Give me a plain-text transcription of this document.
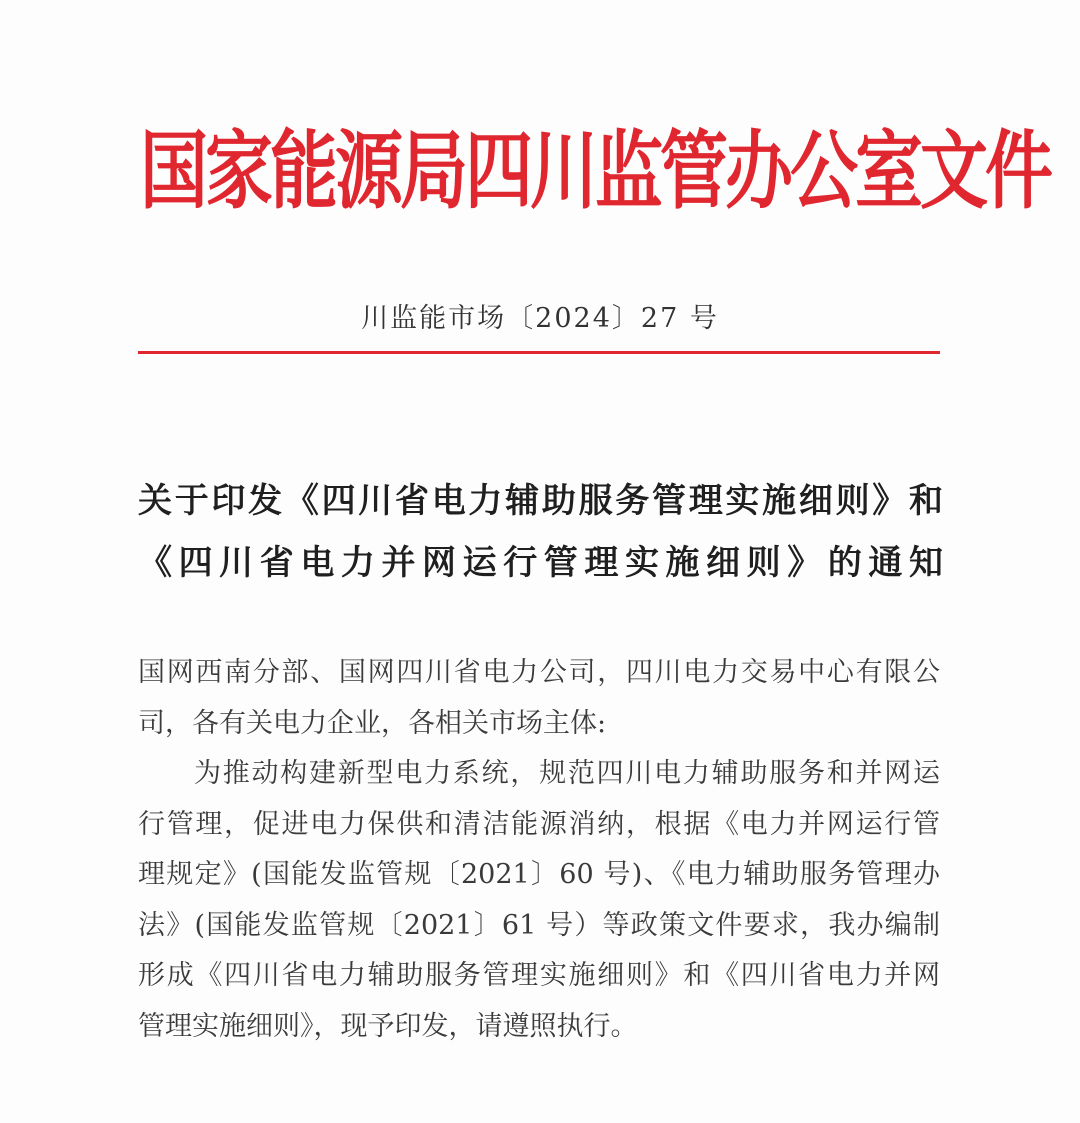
国家能源局四川监管办公室文件
川监能市场〔2024〕27 号
关于印发《四川省电力辅助服务管理实施细则》和
《四川省电力并网运行管理实施细则》的通知
国网西南分部、国网四川省电力公司，四川电力交易中心有限公
司，各有关电力企业，各相关市场主体:
为推动构建新型电力系统，规范四川电力辅助服务和并网运
行管理，促进电力保供和清洁能源消纳，根据《电力并网运行管
理规定》(国能发监管规〔2021〕60 号)、《电力辅助服务管理办
法》(国能发监管规〔2021〕61 号）等政策文件要求，我办编制
形成《四川省电力辅助服务管理实施细则》和《四川省电力并网
管理实施细则》，现予印发，请遵照执行。
